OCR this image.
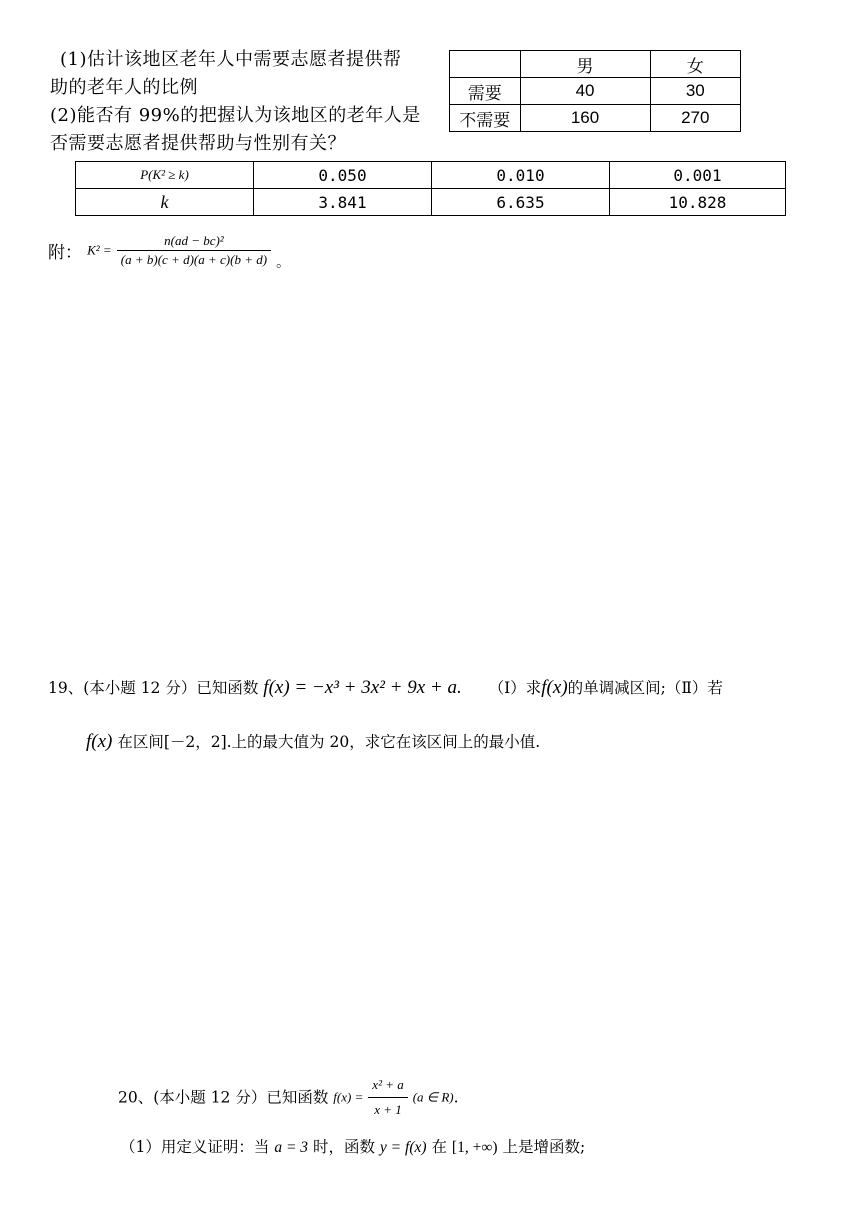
(1)估计该地区老年人中需要志愿者提供帮
助的老年人的比例
(2)能否有 99%的把握认为该地区的老年人是
否需要志愿者提供帮助与性别有关？
	男	女
需要	40	30
不需要	160	270
P(K² ≥ k)	0.050	0.010	0.001
k	3.841	6.635	10.828
附： $K^2 = \frac{\text{n(ad − bc)²}}{(a + b)(c + d)(a + c)(b + d)}$ 。
19、(本小题 12 分）已知函数 f(x) = −x³ + 3x² + 9x + a. （Ⅰ）求f(x)的单调减区间;（Ⅱ）若
f(x) 在区间[－2，2].上的最大值为 20，求它在该区间上的最小值.
20、(本小题 12 分）已知函数 $f(x) = \frac{\text{x² + a}}{x + 1} (a$ ∈ R).
（1）用定义证明：当 a = 3 时，函数 y = f(x) 在 [1, +∞) 上是增函数;
